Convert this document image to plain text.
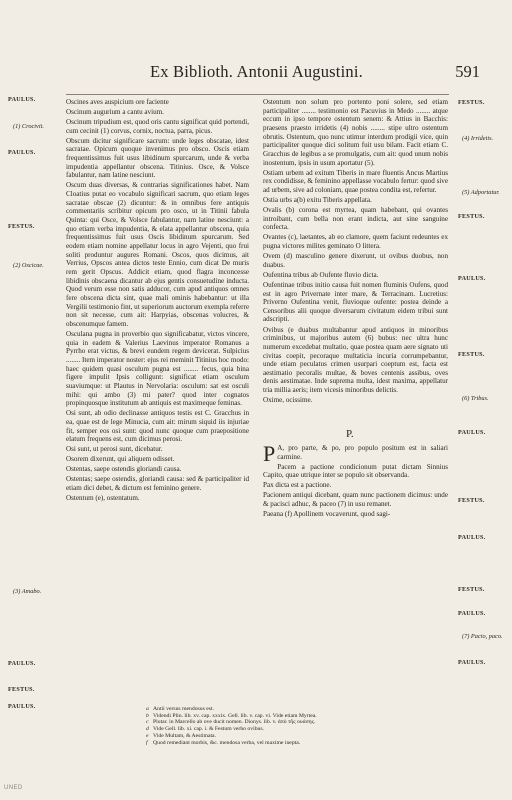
Ex Biblioth. Antonii Augustini.	591
PAULUS.
(1) Crocivit.
PAULUS.
FESTUS.
(2) Oscicae.
(3) Amabo.
PAULUS.
FESTUS.
PAULUS.
FESTUS.
(4) Irridetis.
(5) Adportatur.
FESTUS.
PAULUS.
FESTUS.
(6) Tribus.
PAULUS.
FESTUS.
PAULUS.
FESTUS.
PAULUS.
(7) Pacio, paco.
PAULUS.

Oscines aves auspicium ore faciente

Oscinum augurium a cantu avium.

Oscinum tripudium est, quod oris cantu significat quid portendi, cum cecinit (1) corvus, cornix, noctua, parra, picus.

Obscum dicitur significare sacrum: unde leges obscatae, idest sacratae. Opicum quoque invenimus pro obsco. Oscis etiam frequentissimus fuit usus libidinum spurcarum, unde & verba impudentia appellantur obscena. Titinius. Osce, & Volsce fabulantur, nam latine nesciunt.

Oscum duas diversas, & contrarias significationes habet. Nam Cloatius putat eo vocabulo significari sacrum, quo etiam leges sacratae obscae (2) dicuntur: & in omnibus fere antiquis commentariis scribitur opicum pro osco, ut in Titinii fabula Quinta: qui Osce, & Volsce fabulantur, nam latine nesciunt: a quo etiam verba impudentia, & elata appellantur obscena, quia frequentissimus fuit usus Oscis libidinum spurcarum. Sed eodem etiam nomine appellatur locus in agro Vejenti, quo frui soliti produntur augures Romani. Oscos, quos dicimus, ait Verrius, Opscos antea dictos teste Ennio, cum dicat De muris rem gerit Opscus. Addicit etiam, quod flagra inconcesse libidinis obscaena dicantur ab ejus gentis consuetudine inducta. Quod verum esse non satis adducor, cum apud antiquos omnes fere obscena dicta sint, quae mali ominis habebantur: ut illa Vergilii testimonio fint, ut superiorum auctorum exempla referre non sit necesse, cum ait: Harpyias, obscenas volucres, & obscenumque famem.

Osculana pugna in proverbio quo significabatur, victos vincere, quia in eadem & Valerius Laevinus imperator Romanus a Pyrrho erat victus, & brevi eundem regem devicerat. Sulpicius ........ Item imperator noster: ejus rei meminit Titinius hoc modo: haec quidem quasi osculum pugna est ........ fecus, quia bina figere impulit Ipsis colligunt: significat etiam osculum suaviumque: ut Plautus in Nervolaria: osculum: sat est osculi mihi: qui ambo (3) mi pater? quod inter cognatos propinquosque institutum ab antiquis est maximeque feminas.

Osi sunt, ab odio declinasse antiquos testis est C. Gracchus in ea, quae est de lege Minucia, cum ait: mirum siquid iis injuriae fit, semper eos osi sunt: quod nunc quoque cum praepositione elatum frequens est, cum dicimus perosi.

Osi sunt, ut perosi sunt, dicebatur.

Osorem dixerunt, qui aliquem odisset.

Ostentas, saepe ostendis gloriandi causa.

Ostentas; saepe ostendis, gloriandi causa: sed & participaliter id etiam dici debet, & dictum est feminino genere.

Ostentum (e), ostentatum.

Ostentum non solum pro portento poni solere, sed etiam participaliter ........ testimonio est Pacuvius in Medo ........ atque eccum in ipso tempore ostentum senem: & Attius in Bacchis: praesens praesto irridetis (4) nobis ........ stipe ultro ostentum obrutis. Ostentum, quo nunc utimur interdum prodigii vice, quin participaliter quoque dici solitum fuit usu bilam. Facit etiam C. Gracchus de legibus a se promulgatis, cum ait: quod unum nobis inostentum, ipsis in usum aportatur (5).

Ostiam urbem ad exitum Tiberis in mare fluentis Ancus Martius rex condidisse, & feminino appellasse vocabulo fertur: quod sive ad urbem, sive ad coloniam, quae postea condita est, refertur.

Ostia urbs a(b) exitu Tiberis appellata.

Ovalis (b) corona est myrtea, quam habebant, qui ovantes introibant, cum bella non erant indicta, aut sine sanguine confecta.

Ovantes (c), laetantes, ab eo clamore, quem faciunt redeuntes ex pugna victores milites geminato O littera.

Ovem (d) masculino genere dixerunt, ut ovibus duobus, non duabus.

Oufentina tribus ab Oufente fluvio dicta.

Oufentinae tribus initio causa fuit nomen fluminis Oufens, quod est in agro Privernate inter mare, & Terracinam. Lucretius: Priverno Oufentina venit, fluvioque oufente: postea deinde a Censoribus alii quoque diversarum civitatum eidem tribui sunt adscripti.

Ovibus (e duabus multabantur apud antiquos in minoribus criminibus, ut majoribus autem (6) bubus: nec ultra hunc numerum excedebat multatio, quae postea quam aere signato uti civitas coepit, pecoraque multaticia incuria corrumpebantur, unde etiam peculatus crimen usurpari coeptum est, facta est aestimatio pecoralis multae, & boves centenis assibus, oves denis aestimatae. Inde suprema multa, idest maxima, appellatur tria millia aeris; item vicesis minoribus delictis.

Oxime, ocissime.

P.

P A, pro parte, & po, pro populo positum est in saliari carmine.

Pacem a pactione condicionum putat dictam Sinnius Capito, quae utrique inter se populo sit observanda.

Pax dicta est a pactione.

Pacionem antiqui dicebant, quam nunc pactionem dicimus: unde & pacisci adhuc, & paceo (7) in usu remanet.

Paeana (f) Apollinem vocaverunt, quod sagi-

a Antii versus mendosus est.
b Videndi Plin. lib. xv. cap. xxxix. Gell. lib. v. cap. vi. Vide etiam Myrtea.
c Plutar. in Marcello ab ove ducit nomen. Dionys. lib. v. ἀπὸ τῆς ουάσης.
d Vide Gell. lib. xi. cap. i. & Festum verbo ovibus.
e Vide Multam, & Aestimata.
f Quod remediant morbis, &c. mendosa verba, vel maxime inepta.
UNED
